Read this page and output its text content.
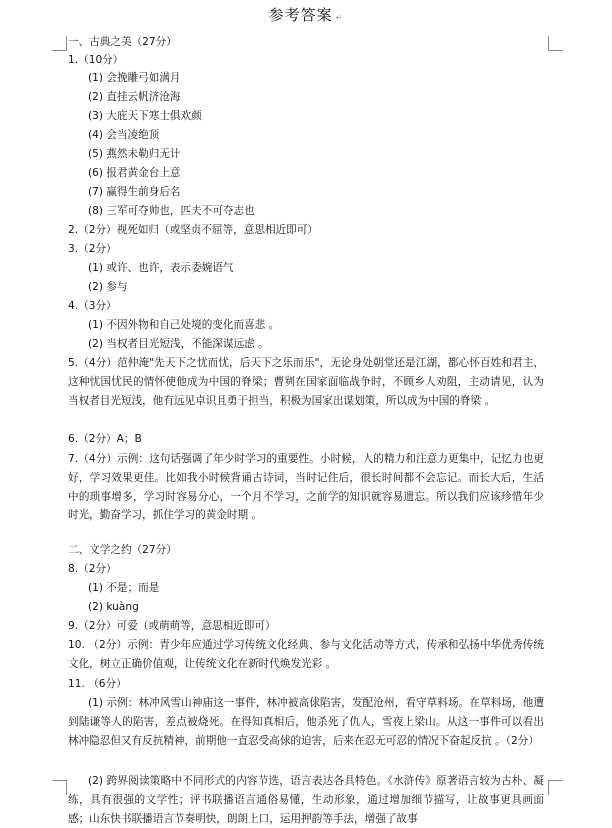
参考答案 ↵
一、古典之美（27分）
1.（10分）
(1) 会挽雕弓如满月
(2) 直挂云帆济沧海
(3) 大庇天下寒士俱欢颜
(4) 会当凌绝顶
(5) 燕然未勒归无计
(6) 报君黄金台上意
(7) 赢得生前身后名
(8) 三军可夺帅也，匹夫不可夺志也
2.（2分）视死如归（或坚贞不屈等，意思相近即可）
3.（2分）
(1) 或许、也许，表示委婉语气
(2) 参与
4.（3分）
(1) 不因外物和自己处境的变化而喜悲 。
(2) 当权者目光短浅，不能深谋远虑 。
5.（4分）范仲淹"先天下之忧而忧，后天下之乐而乐"，无论身处朝堂还是江湖，都心怀百姓和君主，这种忧国忧民的情怀使他成为中国的脊梁；曹刿在国家面临战争时，不顾乡人劝阻，主动请见，认为当权者目光短浅，他有远见卓识且勇于担当，积极为国家出谋划策，所以成为中国的脊梁 。
6.（2分）A；B
7.（4分）示例：这句话强调了年少时学习的重要性。小时候，人的精力和注意力更集中，记忆力也更好，学习效果更佳。比如我小时候背诵古诗词，当时记住后，很长时间都不会忘记。而长大后，生活中的琐事增多，学习时容易分心，一个月不学习，之前学的知识就容易遗忘。所以我们应该珍惜年少时光，勤奋学习，抓住学习的黄金时期 。
二、文学之约（27分）
8.（2分）
(1) 不是；而是
(2) kuàng
9.（2分）可爱（或萌萌等，意思相近即可）
10. （2分）示例：青少年应通过学习传统文化经典、参与文化活动等方式，传承和弘扬中华优秀传统文化，树立正确价值观，让传统文化在新时代焕发光彩 。
11. （6分）
(1) 示例：林冲风雪山神庙这一事件，林冲被高俅陷害，发配沧州，看守草料场。在草料场，他遭到陆谦等人的陷害，差点被烧死。在得知真相后，他杀死了仇人，雪夜上梁山。从这一事件可以看出林冲隐忍但又有反抗精神，前期他一直忍受高俅的迫害，后来在忍无可忍的情况下奋起反抗 。（2分）
(2) 跨界阅读策略中不同形式的内容节选，语言表达各具特色。《水浒传》原著语言较为古朴、凝练，具有很强的文学性；评书联播语言通俗易懂，生动形象，通过增加细节描写，让故事更具画面感；山东快书联播语言节奏明快，朗朗上口，运用押韵等手法，增强了故事
